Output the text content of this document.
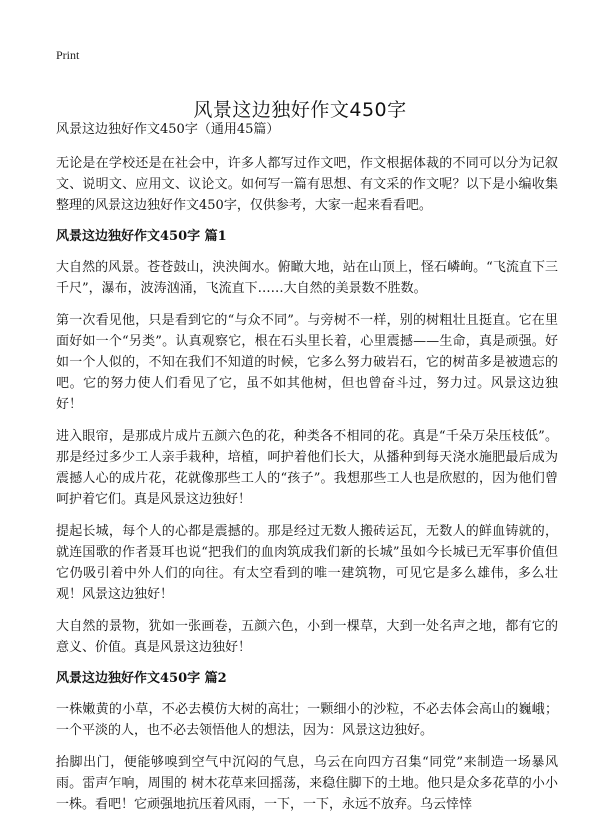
Print
风景这边独好作文450字
风景这边独好作文450字（通用45篇）

无论是在学校还是在社会中，许多人都写过作文吧，作文根据体裁的不同可以分为记叙文、说明文、应用文、议论文。如何写一篇有思想、有文采的作文呢？以下是小编收集整理的风景这边独好作文450字，仅供参考，大家一起来看看吧。

风景这边独好作文450字 篇1

大自然的风景。苍苍鼓山，泱泱闽水。俯瞰大地，站在山顶上，怪石嶙峋。“飞流直下三千尺”，瀑布，波涛汹涌，飞流直下……大自然的美景数不胜数。

第一次看见他，只是看到它的“与众不同”。与旁树不一样，别的树粗壮且挺直。它在里面好如一个“另类”。认真观察它，根在石头里长着，心里震撼——生命，真是顽强。好如一个人似的，不知在我们不知道的时候，它多么努力破岩石，它的树苗多是被遗忘的吧。它的努力使人们看见了它，虽不如其他树，但也曾奋斗过，努力过。风景这边独好！

进入眼帘，是那成片成片五颜六色的花，种类各不相同的花。真是“千朵万朵压枝低”。那是经过多少工人亲手栽种，培植，呵护着他们长大，从播种到每天浇水施肥最后成为震撼人心的成片花，花就像那些工人的“孩子”。我想那些工人也是欣慰的，因为他们曾呵护着它们。真是风景这边独好！

提起长城，每个人的心都是震撼的。那是经过无数人搬砖运瓦，无数人的鲜血铸就的，就连国歌的作者聂耳也说“把我们的血肉筑成我们新的长城”虽如今长城已无军事价值但它仍吸引着中外人们的向往。有太空看到的唯一建筑物，可见它是多么雄伟，多么壮观！风景这边独好！

大自然的景物，犹如一张画卷，五颜六色，小到一棵草，大到一处名声之地，都有它的意义、价值。真是风景这边独好！

风景这边独好作文450字 篇2

一株嫩黄的小草，不必去模仿大树的高壮；一颗细小的沙粒，不必去体会高山的巍峨；一个平淡的人，也不必去领悟他人的想法，因为：风景这边独好。

抬脚出门，便能够嗅到空气中沉闷的气息，乌云在向四方召集“同党”来制造一场暴风雨。雷声乍响，周围的 树木花草来回摇荡，来稳住脚下的土地。他只是众多花草的小小一株。看吧！它顽强地抗压着风雨，一下，一下，永远不放弃。乌云悻悻
